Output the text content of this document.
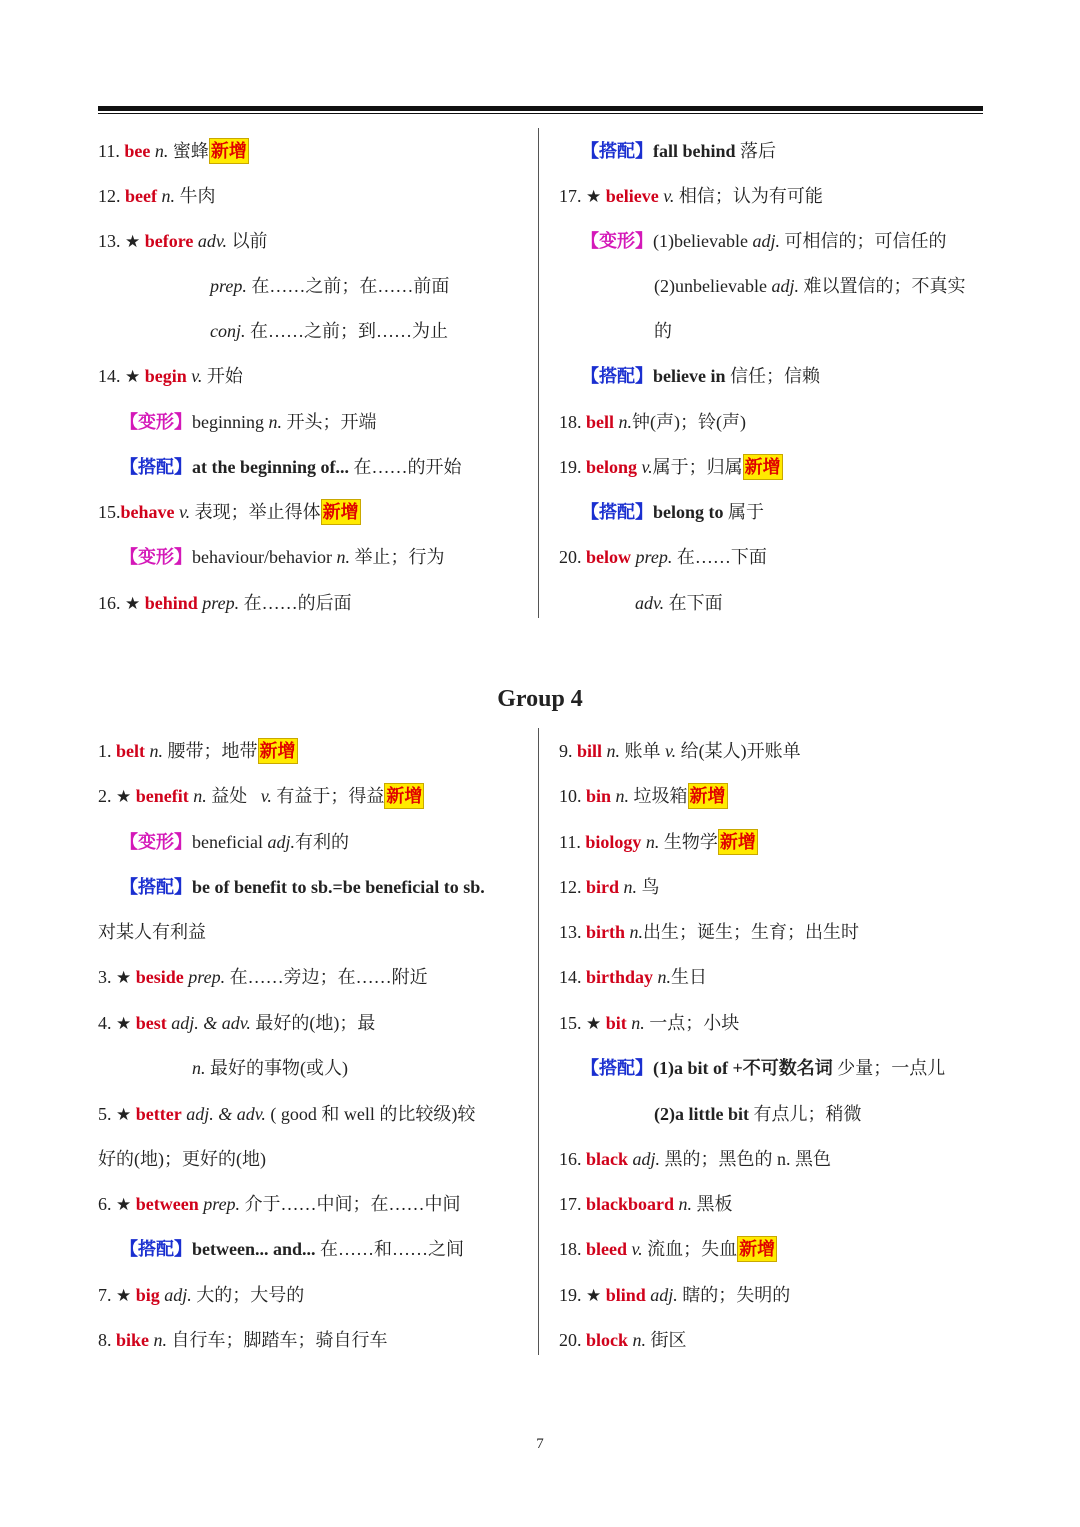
11. bee n. 蜜蜂 新增
12. beef n. 牛肉
13. ★ before adv. 以前
prep. 在……之前；在……前面
conj. 在……之前；到……为止
14. ★ begin v. 开始
【变形】beginning n. 开头；开端
【搭配】at the beginning of... 在……的开始
15.behave v. 表现；举止得体 新增
【变形】behaviour/behavior n. 举止；行为
16. ★ behind prep. 在……的后面
【搭配】fall behind 落后
17. ★ believe v. 相信；认为有可能
【变形】(1)believable adj. 可相信的；可信任的
(2)unbelievable adj. 难以置信的；不真实
的
【搭配】believe in 信任；信赖
18. bell n.钟(声)；铃(声)
19. belong v.属于；归属 新增
【搭配】belong to 属于
20. below prep. 在……下面
adv. 在下面
Group 4
1. belt n. 腰带；地带 新增
2. ★ benefit n. 益处 v. 有益于；得益 新增
【变形】beneficial adj.有利的
【搭配】be of benefit to sb.=be beneficial to sb.
对某人有利益
3. ★ beside prep. 在……旁边；在……附近
4. ★ best adj. & adv. 最好的(地)；最
n. 最好的事物(或人)
5. ★ better adj. & adv. ( good 和 well 的比较级)较
好的(地)；更好的(地)
6. ★ between prep. 介于……中间；在……中间
【搭配】between... and... 在……和……之间
7. ★ big adj. 大的；大号的
8. bike n. 自行车；脚踏车；骑自行车
9. bill n. 账单 v. 给(某人)开账单
10. bin n. 垃圾箱 新增
11. biology n. 生物学 新增
12. bird n. 鸟
13. birth n.出生；诞生；生育；出生时
14. birthday n.生日
15. ★ bit n. 一点；小块
【搭配】(1)a bit of +不可数名词 少量；一点儿
(2)a little bit 有点儿；稍微
16. black adj. 黑的；黑色的 n. 黑色
17. blackboard n. 黑板
18. bleed v. 流血；失血 新增
19. ★ blind adj. 瞎的；失明的
20. block n. 街区
7
